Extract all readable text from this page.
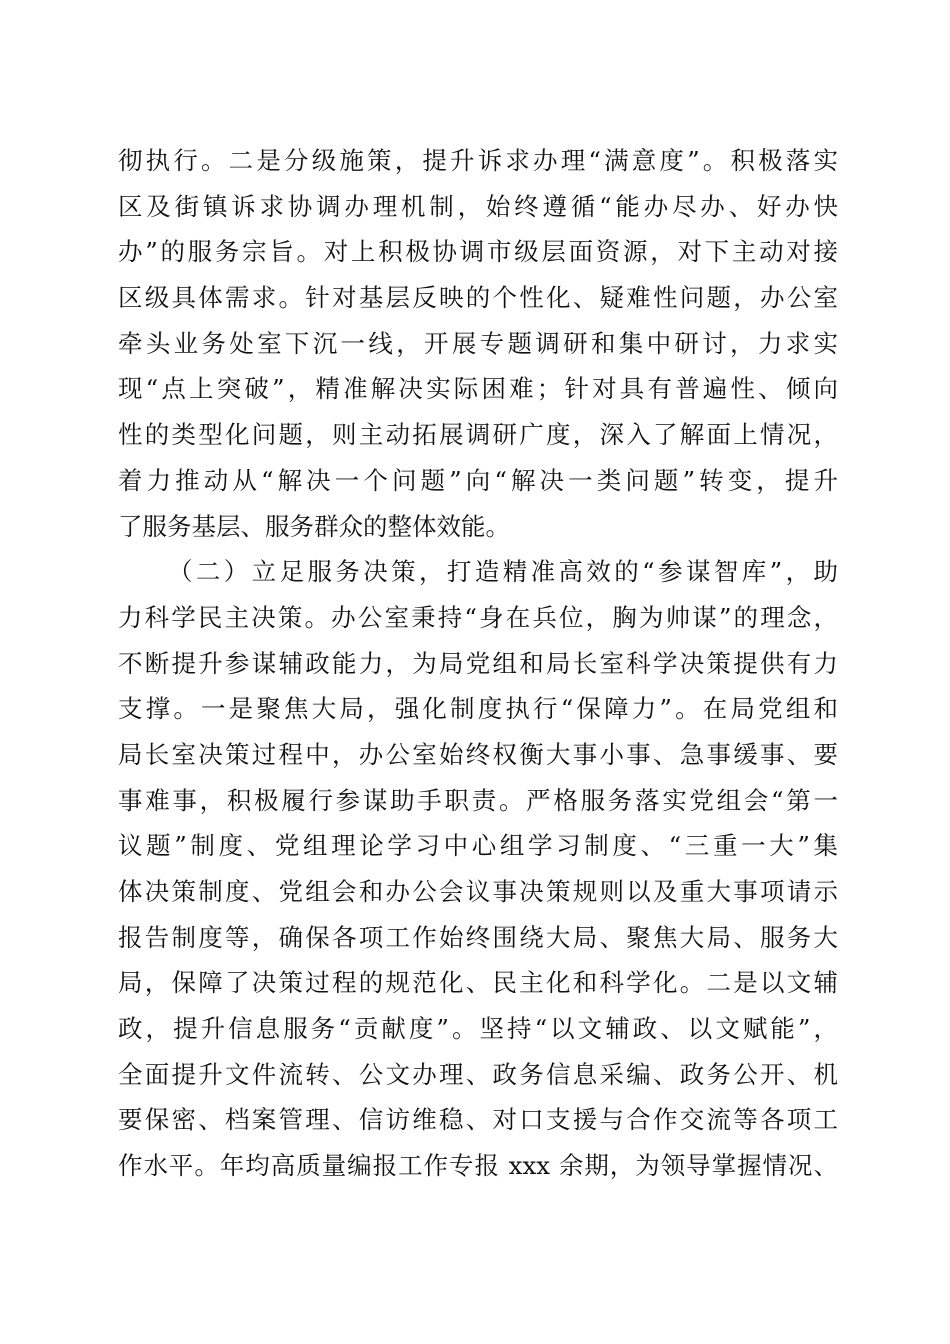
彻执行。二是分级施策，提升诉求办理“满意度”。积极落实
区及街镇诉求协调办理机制，始终遵循“能办尽办、好办快
办”的服务宗旨。对上积极协调市级层面资源，对下主动对接
区级具体需求。针对基层反映的个性化、疑难性问题，办公室
牵头业务处室下沉一线，开展专题调研和集中研讨，力求实
现“点上突破”，精准解决实际困难；针对具有普遍性、倾向
性的类型化问题，则主动拓展调研广度，深入了解面上情况，
着力推动从“解决一个问题”向“解决一类问题”转变，提升
了服务基层、服务群众的整体效能。
（二）立足服务决策，打造精准高效的“参谋智库”，助
力科学民主决策。办公室秉持“身在兵位，胸为帅谋”的理念，
不断提升参谋辅政能力，为局党组和局长室科学决策提供有力
支撑。一是聚焦大局，强化制度执行“保障力”。在局党组和
局长室决策过程中，办公室始终权衡大事小事、急事缓事、要
事难事，积极履行参谋助手职责。严格服务落实党组会“第一
议题”制度、党组理论学习中心组学习制度、“三重一大”集
体决策制度、党组会和办公会议事决策规则以及重大事项请示
报告制度等，确保各项工作始终围绕大局、聚焦大局、服务大
局，保障了决策过程的规范化、民主化和科学化。二是以文辅
政，提升信息服务“贡献度”。坚持“以文辅政、以文赋能”，
全面提升文件流转、公文办理、政务信息采编、政务公开、机
要保密、档案管理、信访维稳、对口支援与合作交流等各项工
作水平。年均高质量编报工作专报 xxx 余期，为领导掌握情况、
